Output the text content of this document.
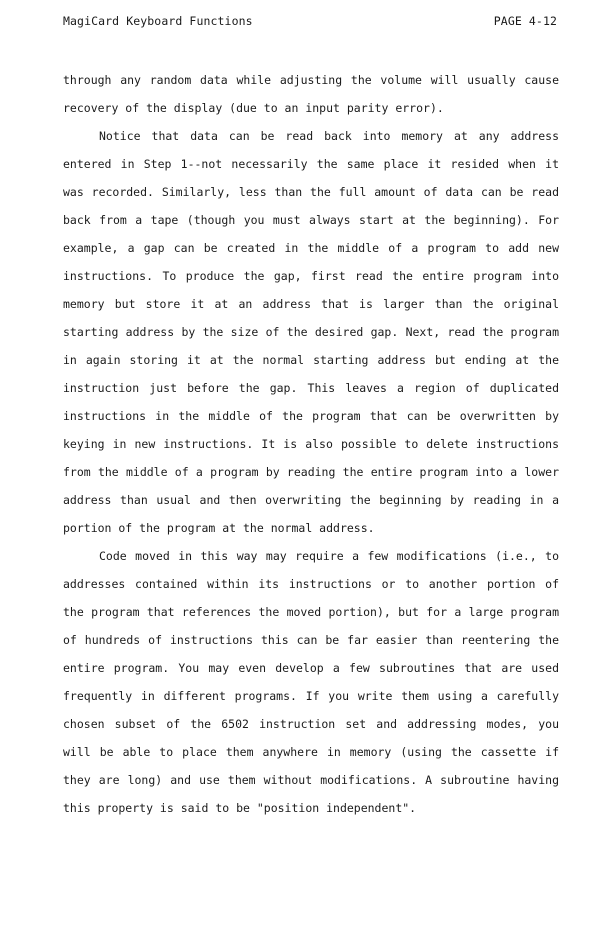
MagiCard Keyboard Functions	PAGE 4-12

through any random data while adjusting the volume will usually cause recovery of the display (due to an input parity error).

Notice that data can be read back into memory at any address entered in Step 1--not necessarily the same place it resided when it was recorded. Similarly, less than the full amount of data can be read back from a tape (though you must always start at the beginning). For example, a gap can be created in the middle of a program to add new instructions. To produce the gap, first read the entire program into memory but store it at an address that is larger than the original starting address by the size of the desired gap. Next, read the program in again storing it at the normal starting address but ending at the instruction just before the gap. This leaves a region of duplicated instructions in the middle of the program that can be overwritten by keying in new instructions. It is also possible to delete instructions from the middle of a program by reading the entire program into a lower address than usual and then overwriting the beginning by reading in a portion of the program at the normal address.

Code moved in this way may require a few modifications (i.e., to addresses contained within its instructions or to another portion of the program that references the moved portion), but for a large program of hundreds of instructions this can be far easier than reentering the entire program. You may even develop a few subroutines that are used frequently in different programs. If you write them using a carefully chosen subset of the 6502 instruction set and addressing modes, you will be able to place them anywhere in memory (using the cassette if they are long) and use them without modifications. A subroutine having this property is said to be "position independent".
